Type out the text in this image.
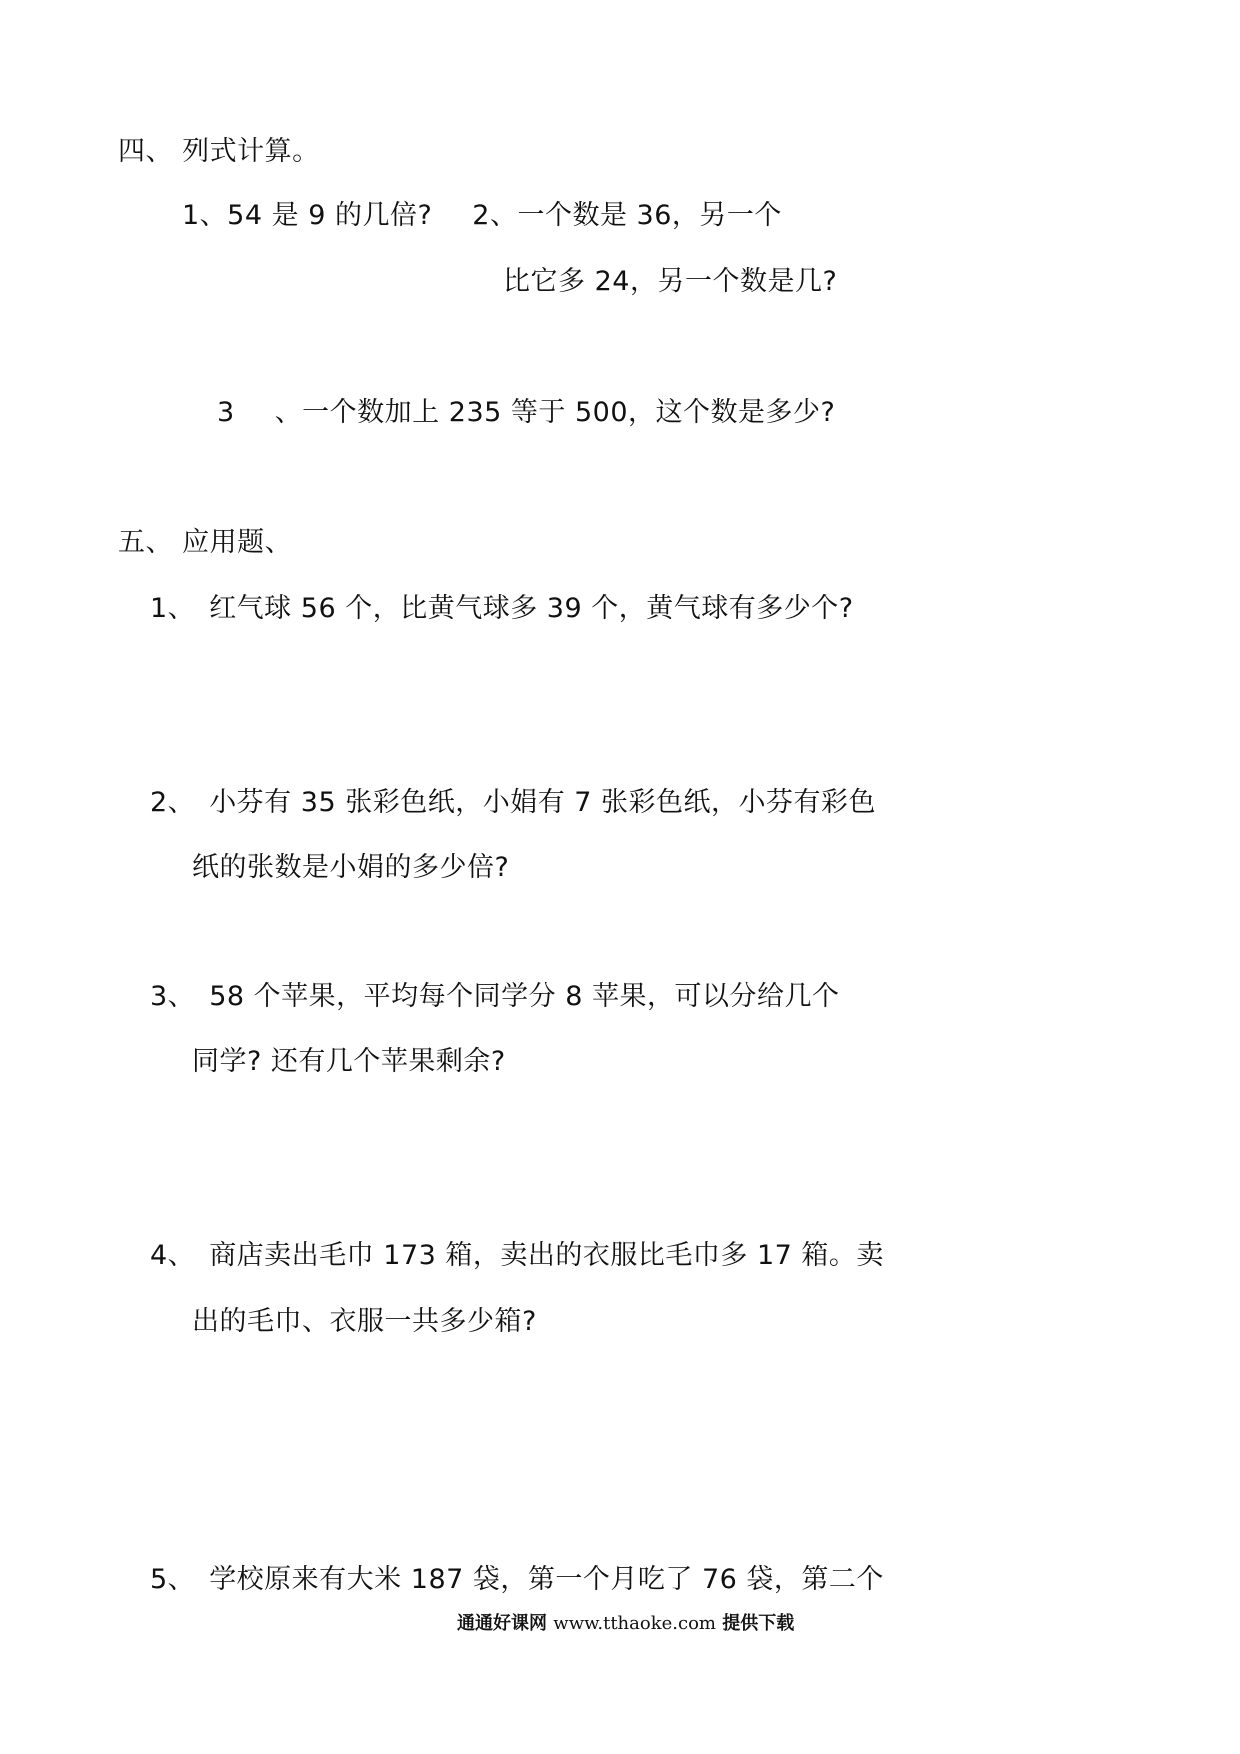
四、 列式计算。
1、54 是 9 的几倍? 2、一个数是 36，另一个
比它多 24，另一个数是几?
3 、一个数加上 235 等于 500，这个数是多少?
五、 应用题、
1、 红气球 56 个，比黄气球多 39 个，黄气球有多少个?
2、 小芬有 35 张彩色纸，小娟有 7 张彩色纸，小芬有彩色
纸的张数是小娟的多少倍?
3、 58 个苹果，平均每个同学分 8 苹果，可以分给几个
同学? 还有几个苹果剩余?
4、 商店卖出毛巾 173 箱，卖出的衣服比毛巾多 17 箱。卖
出的毛巾、衣服一共多少箱?
5、 学校原来有大米 187 袋，第一个月吃了 76 袋，第二个
通通好课网 www.tthaoke.com 提供下载
